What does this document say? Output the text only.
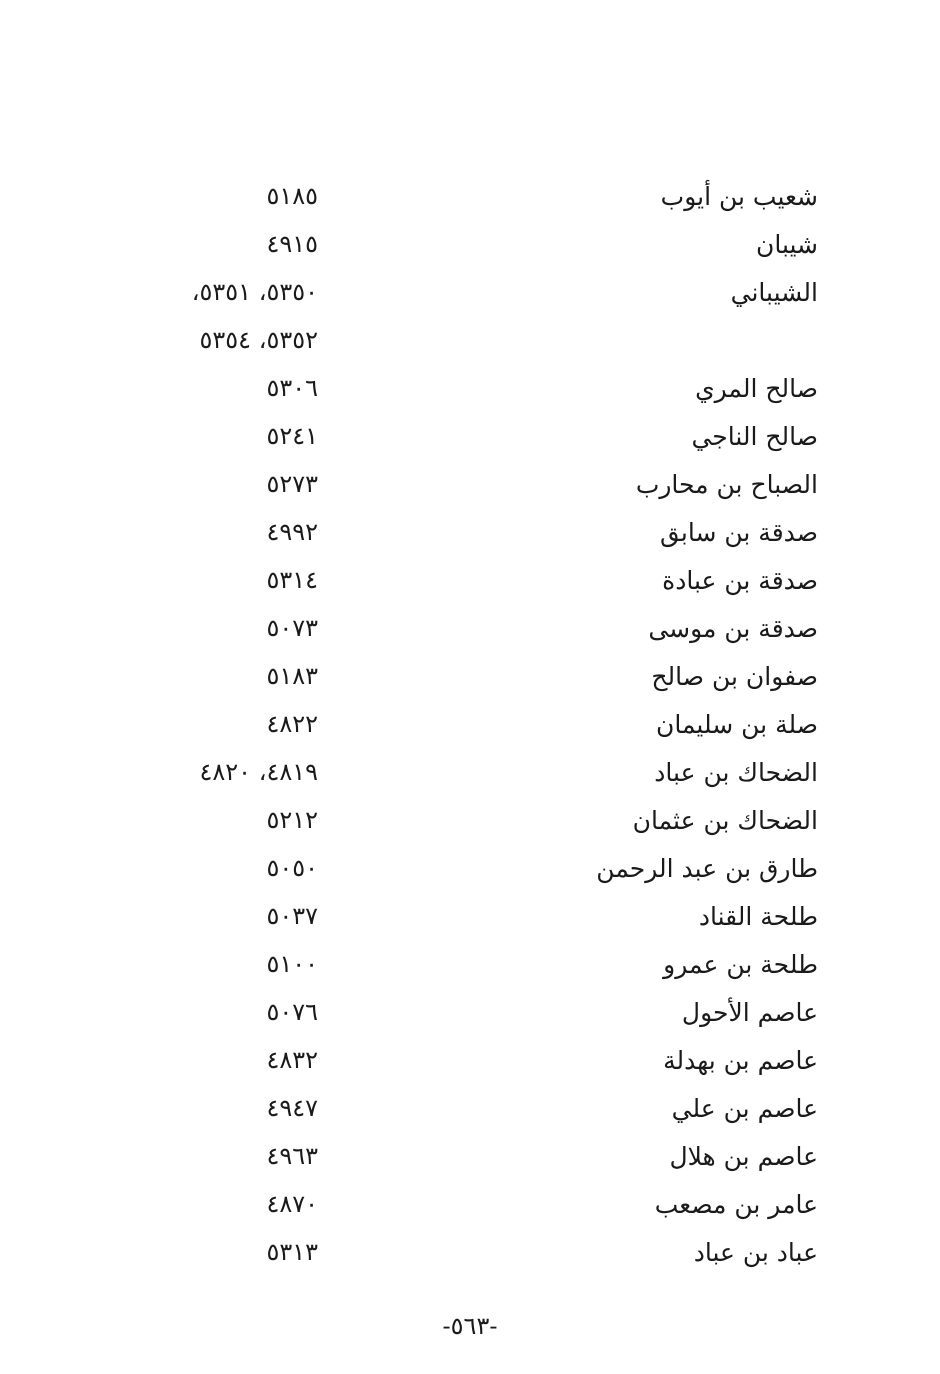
شعيب بن أيوب
٥١٨٥
شيبان
٤٩١٥
الشيباني
٥٣٥٠، ٥٣٥١،
٥٣٥٢، ٥٣٥٤
صالح المري
٥٣٠٦
صالح الناجي
٥٢٤١
الصباح بن محارب
٥٢٧٣
صدقة بن سابق
٤٩٩٢
صدقة بن عبادة
٥٣١٤
صدقة بن موسى
٥٠٧٣
صفوان بن صالح
٥١٨٣
صلة بن سليمان
٤٨٢٢
الضحاك بن عباد
٤٨١٩، ٤٨٢٠
الضحاك بن عثمان
٥٢١٢
طارق بن عبد الرحمن
٥٠٥٠
طلحة القناد
٥٠٣٧
طلحة بن عمرو
٥١٠٠
عاصم الأحول
٥٠٧٦
عاصم بن بهدلة
٤٨٣٢
عاصم بن علي
٤٩٤٧
عاصم بن هلال
٤٩٦٣
عامر بن مصعب
٤٨٧٠
عباد بن عباد
٥٣١٣
-٥٦٣-
